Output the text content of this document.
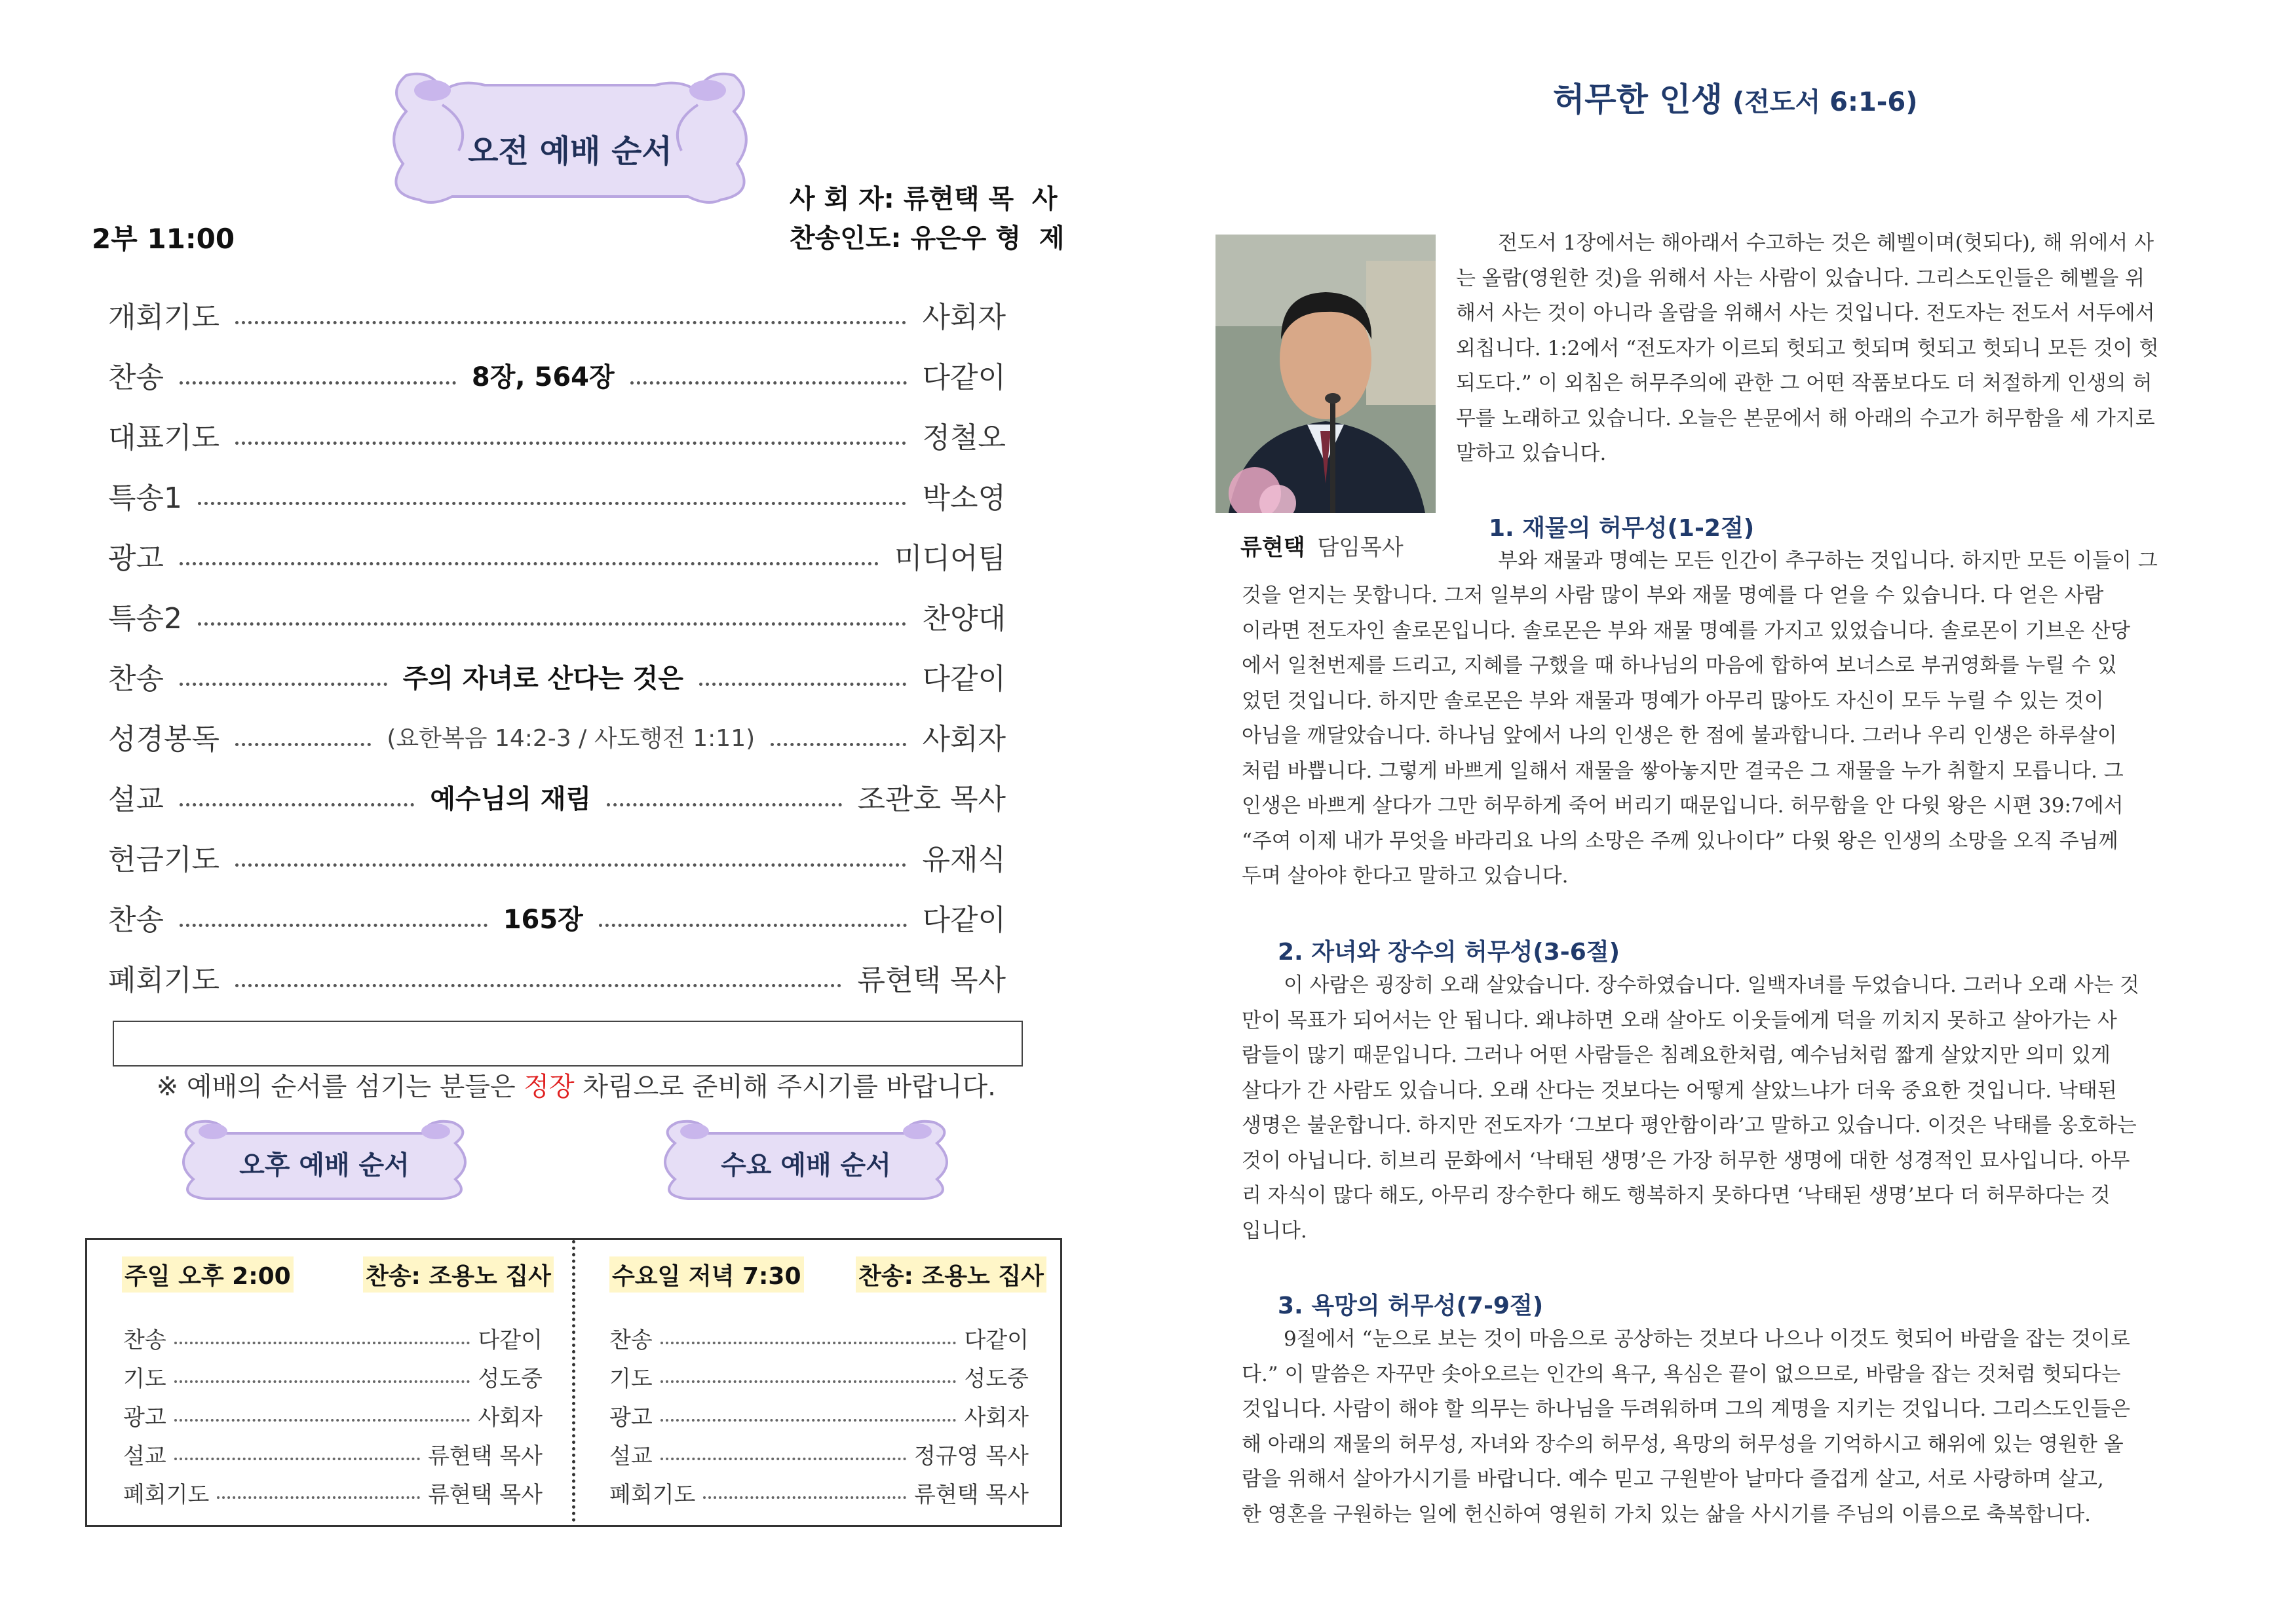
오전 예배 순서
사 회 자: 류현택 목  사
찬송인도: 유은우 형  제
2부 11:00
개회기도	사회자
찬송	8장, 564장	다같이
대표기도	정철오
특송1	박소영
광고	미디어팀
특송2	찬양대
찬송	주의 자녀로 산다는 것은	다같이
성경봉독	(요한복음 14:2-3 / 사도행전 1:11)	사회자
설교	예수님의 재림	조관호 목사
헌금기도	유재식
찬송	165장	다같이
폐회기도	류현택 목사

※ 예배의 순서를 섬기는 분들은 정장 차림으로 준비해 주시기를 바랍니다.

오후 예배 순서	수요 예배 순서
주일 오후 2:00	찬송: 조용노 집사	수요일 저녁 7:30 찬송: 조용노 집사
찬송	다같이
기도	성도중
광고	사회자
설교	류현택 목사
폐회기도	류현택 목사
찬송	다같이
기도	성도중
광고	사회자
설교	정규영 목사
폐회기도	류현택 목사
허무한 인생 (전도서 6:1-6)
류현택 담임목사
전도서 1장에서는 해아래서 수고하는 것은 헤벨이며(헛되다), 해 위에서 사
는 올람(영원한 것)을 위해서 사는 사람이 있습니다. 그리스도인들은 헤벨을 위
해서 사는 것이 아니라 올람을 위해서 사는 것입니다. 전도자는 전도서 서두에서
외칩니다. 1:2에서 “전도자가 이르되 헛되고 헛되며 헛되고 헛되니 모든 것이 헛
되도다.” 이 외침은 허무주의에 관한 그 어떤 작품보다도 더 처절하게 인생의 허
무를 노래하고 있습니다. 오늘은 본문에서 해 아래의 수고가 허무함을 세 가지로
말하고 있습니다.
1. 재물의 허무성(1-2절)
부와 재물과 명예는 모든 인간이 추구하는 것입니다. 하지만 모든 이들이 그
것을 얻지는 못합니다. 그저 일부의 사람 많이 부와 재물 명예를 다 얻을 수 있습니다. 다 얻은 사람
이라면 전도자인 솔로몬입니다. 솔로몬은 부와 재물 명예를 가지고 있었습니다. 솔로몬이 기브온 산당
에서 일천번제를 드리고, 지혜를 구했을 때 하나님의 마음에 합하여 보너스로 부귀영화를 누릴 수 있
었던 것입니다. 하지만 솔로몬은 부와 재물과 명예가 아무리 많아도 자신이 모두 누릴 수 있는 것이
아님을 깨달았습니다. 하나님 앞에서 나의 인생은 한 점에 불과합니다. 그러나 우리 인생은 하루살이
처럼 바쁩니다. 그렇게 바쁘게 일해서 재물을 쌓아놓지만 결국은 그 재물을 누가 취할지 모릅니다. 그
인생은 바쁘게 살다가 그만 허무하게 죽어 버리기 때문입니다. 허무함을 안 다윗 왕은 시편 39:7에서
“주여 이제 내가 무엇을 바라리요 나의 소망은 주께 있나이다” 다윗 왕은 인생의 소망을 오직 주님께
두며 살아야 한다고 말하고 있습니다.
2. 자녀와 장수의 허무성(3-6절)
이 사람은 굉장히 오래 살았습니다. 장수하였습니다. 일백자녀를 두었습니다. 그러나 오래 사는 것
만이 목표가 되어서는 안 됩니다. 왜냐하면 오래 살아도 이웃들에게 덕을 끼치지 못하고 살아가는 사
람들이 많기 때문입니다. 그러나 어떤 사람들은 침례요한처럼, 예수님처럼 짧게 살았지만 의미 있게
살다가 간 사람도 있습니다. 오래 산다는 것보다는 어떻게 살았느냐가 더욱 중요한 것입니다. 낙태된
생명은 불운합니다. 하지만 전도자가 ‘그보다 평안함이라’고 말하고 있습니다. 이것은 낙태를 옹호하는
것이 아닙니다. 히브리 문화에서 ‘낙태된 생명’은 가장 허무한 생명에 대한 성경적인 묘사입니다. 아무
리 자식이 많다 해도, 아무리 장수한다 해도 행복하지 못하다면 ‘낙태된 생명’보다 더 허무하다는 것
입니다.
3. 욕망의 허무성(7-9절)
9절에서 “눈으로 보는 것이 마음으로 공상하는 것보다 나으나 이것도 헛되어 바람을 잡는 것이로
다.” 이 말씀은 자꾸만 솟아오르는 인간의 욕구, 욕심은 끝이 없으므로, 바람을 잡는 것처럼 헛되다는
것입니다. 사람이 해야 할 의무는 하나님을 두려워하며 그의 계명을 지키는 것입니다. 그리스도인들은
해 아래의 재물의 허무성, 자녀와 장수의 허무성, 욕망의 허무성을 기억하시고 해위에 있는 영원한 올
람을 위해서 살아가시기를 바랍니다. 예수 믿고 구원받아 날마다 즐겁게 살고, 서로 사랑하며 살고,
한 영혼을 구원하는 일에 헌신하여 영원히 가치 있는 삶을 사시기를 주님의 이름으로 축복합니다.
